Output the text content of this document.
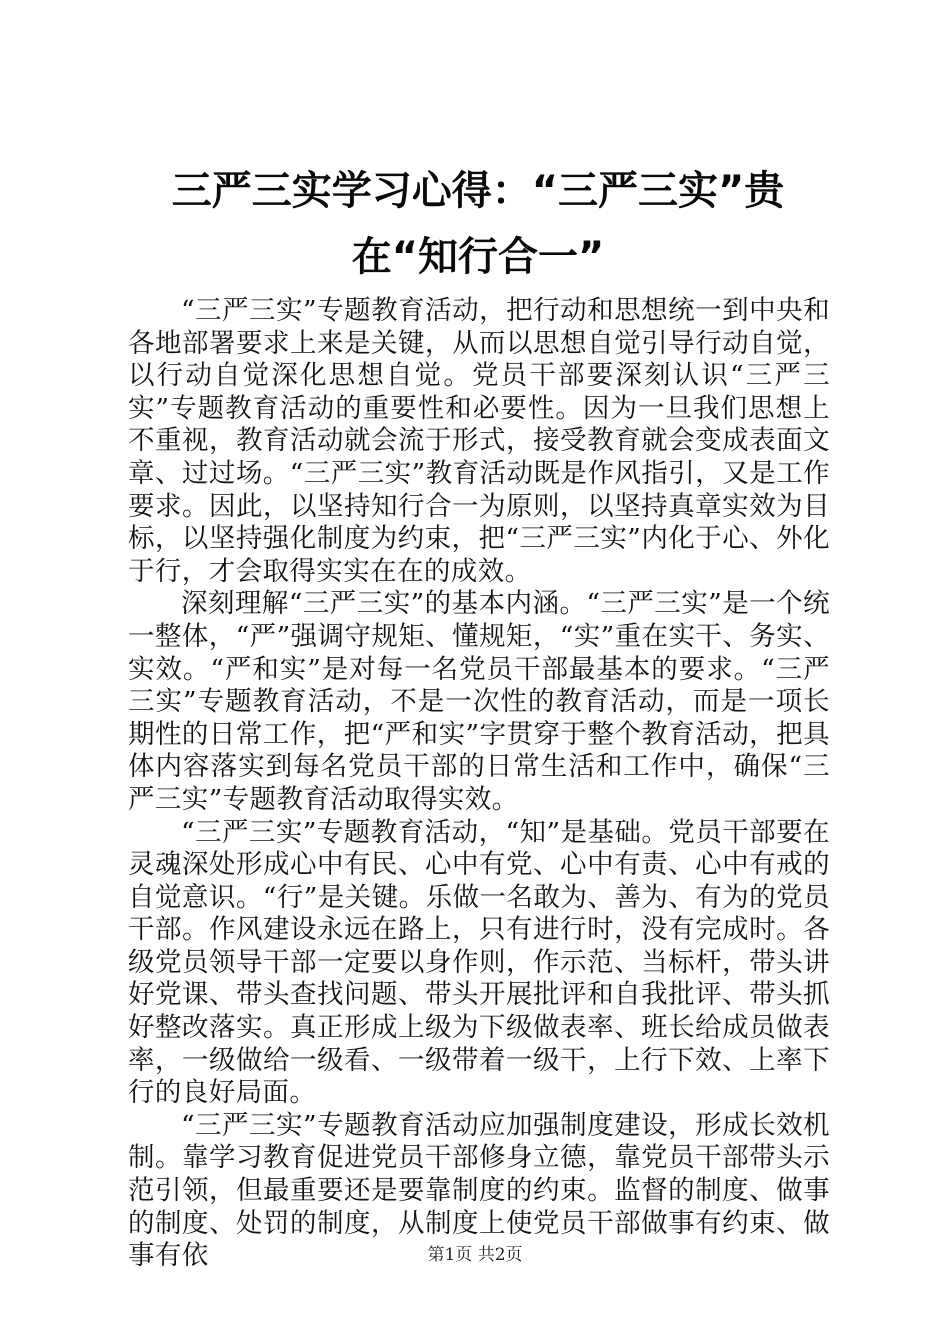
三严三实学习心得：“三严三实”贵在“知行合一”

“三严三实”专题教育活动，把行动和思想统一到中央和各地部署要求上来是关键，从而以思想自觉引导行动自觉，以行动自觉深化思想自觉。党员干部要深刻认识“三严三实”专题教育活动的重要性和必要性。因为一旦我们思想上不重视，教育活动就会流于形式，接受教育就会变成表面文章、过过场。“三严三实”教育活动既是作风指引，又是工作要求。因此，以坚持知行合一为原则，以坚持真章实效为目标，以坚持强化制度为约束，把“三严三实”内化于心、外化于行，才会取得实实在在的成效。

深刻理解“三严三实”的基本内涵。“三严三实”是一个统一整体，“严”强调守规矩、懂规矩，“实”重在实干、务实、实效。“严和实”是对每一名党员干部最基本的要求。“三严三实”专题教育活动，不是一次性的教育活动，而是一项长期性的日常工作，把“严和实”字贯穿于整个教育活动，把具体内容落实到每名党员干部的日常生活和工作中，确保“三严三实”专题教育活动取得实效。

“三严三实”专题教育活动，“知”是基础。党员干部要在灵魂深处形成心中有民、心中有党、心中有责、心中有戒的自觉意识。“行”是关键。乐做一名敢为、善为、有为的党员干部。作风建设永远在路上，只有进行时，没有完成时。各级党员领导干部一定要以身作则，作示范、当标杆，带头讲好党课、带头查找问题、带头开展批评和自我批评、带头抓好整改落实。真正形成上级为下级做表率、班长给成员做表率，一级做给一级看、一级带着一级干，上行下效、上率下行的良好局面。

“三严三实”专题教育活动应加强制度建设，形成长效机制。靠学习教育促进党员干部修身立德，靠党员干部带头示范引领，但最重要还是要靠制度的约束。监督的制度、做事的制度、处罚的制度，从制度上使党员干部做事有约束、做事有依	第1页 共2页
